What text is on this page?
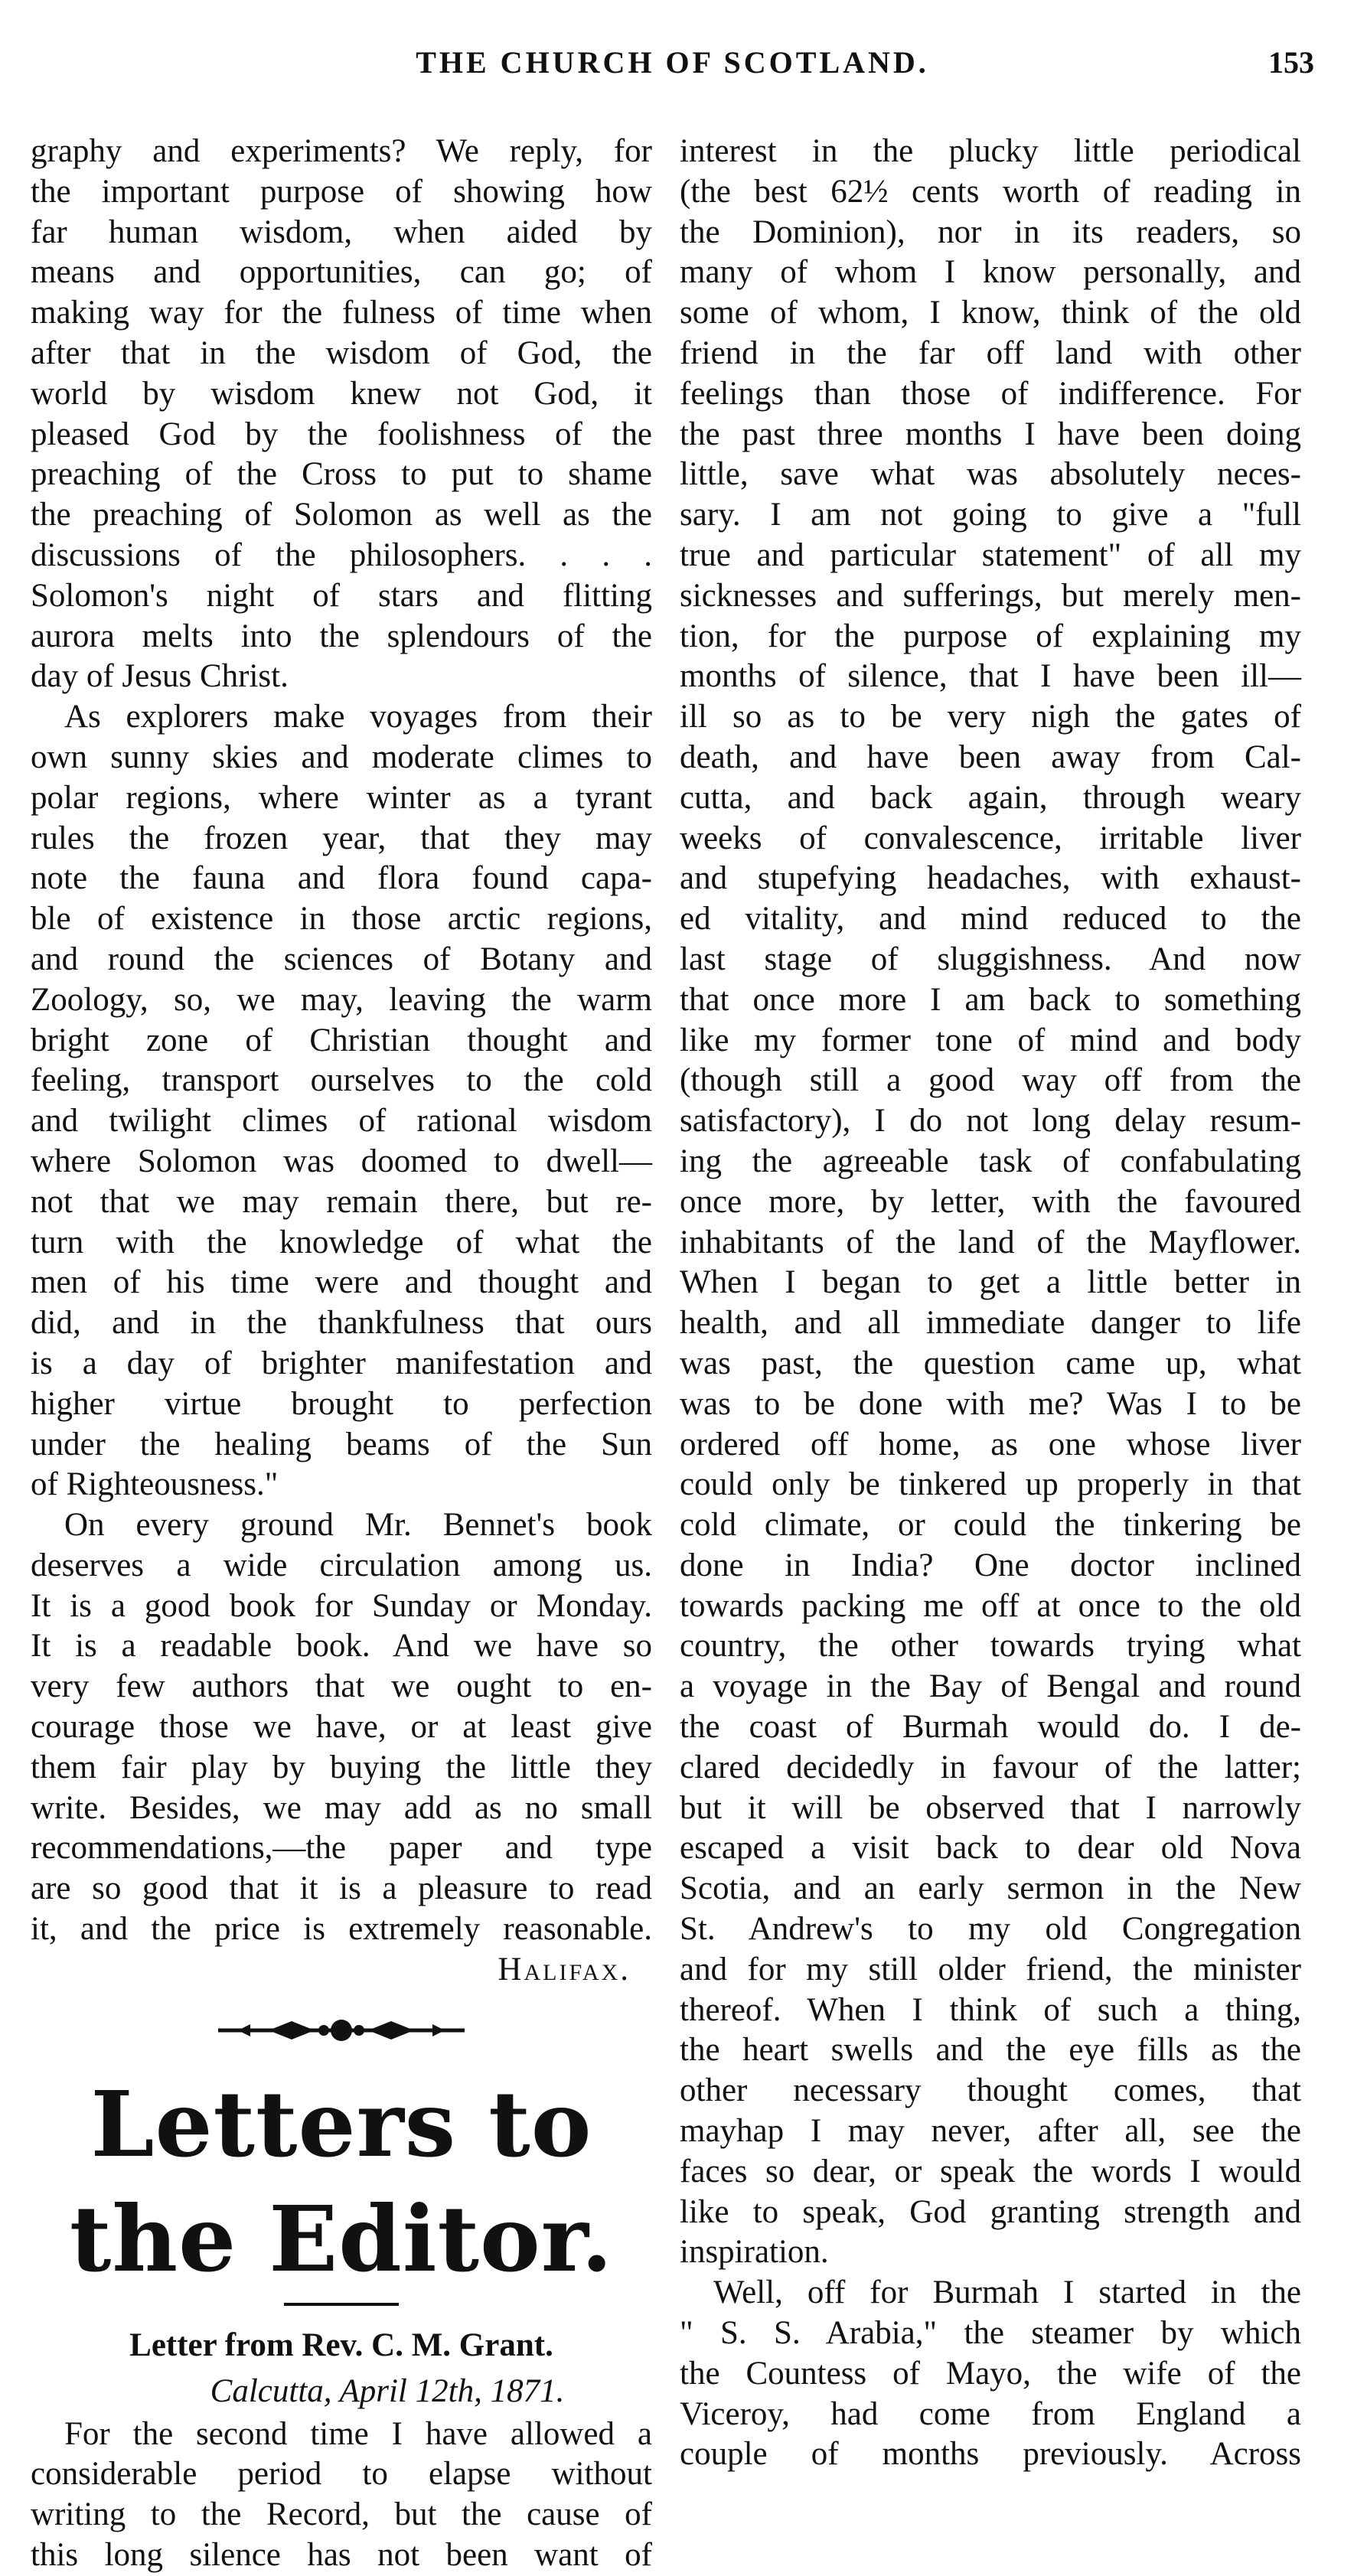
THE CHURCH OF SCOTLAND.	153
graphy and experiments? We reply, for
the important purpose of showing how
far human wisdom, when aided by
means and opportunities, can go; of
making way for the fulness of time when
after that in the wisdom of God, the
world by wisdom knew not God, it
pleased God by the foolishness of the
preaching of the Cross to put to shame
the preaching of Solomon as well as the
discussions of the philosophers. . . .
Solomon's night of stars and flitting
aurora melts into the splendours of the
day of Jesus Christ.
As explorers make voyages from their
own sunny skies and moderate climes to
polar regions, where winter as a tyrant
rules the frozen year, that they may
note the fauna and flora found capa-
ble of existence in those arctic regions,
and round the sciences of Botany and
Zoology, so, we may, leaving the warm
bright zone of Christian thought and
feeling, transport ourselves to the cold
and twilight climes of rational wisdom
where Solomon was doomed to dwell—
not that we may remain there, but re-
turn with the knowledge of what the
men of his time were and thought and
did, and in the thankfulness that ours
is a day of brighter manifestation and
higher virtue brought to perfection
under the healing beams of the Sun
of Righteousness."
On every ground Mr. Bennet's book
deserves a wide circulation among us.
It is a good book for Sunday or Monday.
It is a readable book. And we have so
very few authors that we ought to en-
courage those we have, or at least give
them fair play by buying the little they
write. Besides, we may add as no small
recommendations,—the paper and type
are so good that it is a pleasure to read
it, and the price is extremely reasonable.
Halifax.
Letters to the Editor.
Letter from Rev. C. M. Grant.
Calcutta, April 12th, 1871.
For the second time I have allowed a
considerable period to elapse without
writing to the Record, but the cause of
this long silence has not been want of
interest in the plucky little periodical
(the best 62½ cents worth of reading in
the Dominion), nor in its readers, so
many of whom I know personally, and
some of whom, I know, think of the old
friend in the far off land with other
feelings than those of indifference. For
the past three months I have been doing
little, save what was absolutely neces-
sary. I am not going to give a "full
true and particular statement" of all my
sicknesses and sufferings, but merely men-
tion, for the purpose of explaining my
months of silence, that I have been ill—
ill so as to be very nigh the gates of
death, and have been away from Cal-
cutta, and back again, through weary
weeks of convalescence, irritable liver
and stupefying headaches, with exhaust-
ed vitality, and mind reduced to the
last stage of sluggishness. And now
that once more I am back to something
like my former tone of mind and body
(though still a good way off from the
satisfactory), I do not long delay resum-
ing the agreeable task of confabulating
once more, by letter, with the favoured
inhabitants of the land of the Mayflower.
When I began to get a little better in
health, and all immediate danger to life
was past, the question came up, what
was to be done with me? Was I to be
ordered off home, as one whose liver
could only be tinkered up properly in that
cold climate, or could the tinkering be
done in India? One doctor inclined
towards packing me off at once to the old
country, the other towards trying what
a voyage in the Bay of Bengal and round
the coast of Burmah would do. I de-
clared decidedly in favour of the latter;
but it will be observed that I narrowly
escaped a visit back to dear old Nova
Scotia, and an early sermon in the New
St. Andrew's to my old Congregation
and for my still older friend, the minister
thereof. When I think of such a thing,
the heart swells and the eye fills as the
other necessary thought comes, that
mayhap I may never, after all, see the
faces so dear, or speak the words I would
like to speak, God granting strength and
inspiration.
Well, off for Burmah I started in the
" S. S. Arabia," the steamer by which
the Countess of Mayo, the wife of the
Viceroy, had come from England a
couple of months previously. Across
